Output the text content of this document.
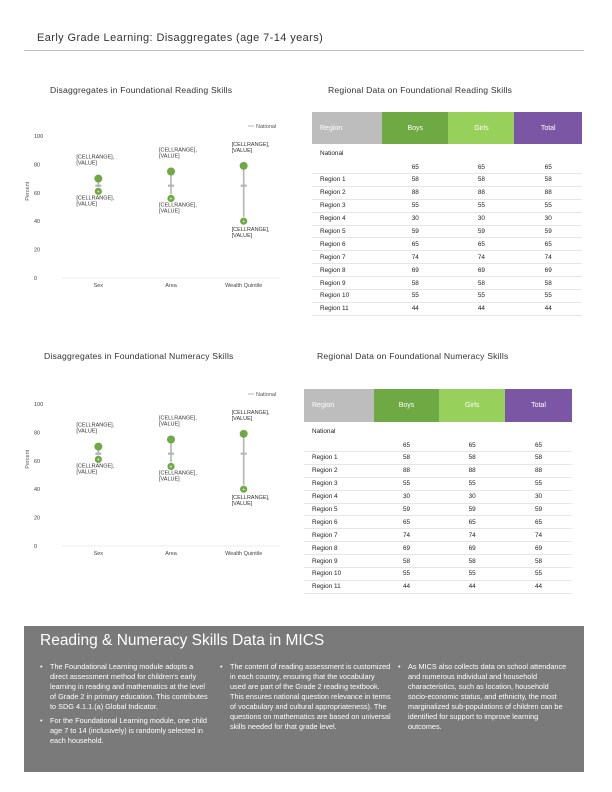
Early Grade Learning: Disaggregates (age 7-14 years)
Disaggregates in Foundational Reading Skills	Regional Data on Foundational Reading Skills
National
Percent
0
20
40
60
80
100
+
[CELLRANGE],
[VALUE]
[CELLRANGE],
[VALUE]
Sex
+
[CELLRANGE],
[VALUE]
[CELLRANGE],
[VALUE]
Area
+
[CELLRANGE],
[VALUE]
[CELLRANGE],
[VALUE]
Wealth Quintile
Region	Boys	Girls	Total
National	65	65	65
Region 1	58	58	58
Region 2	88	88	88
Region 3	55	55	55
Region 4	30	30	30
Region 5	59	59	59
Region 6	65	65	65
Region 7	74	74	74
Region 8	69	69	69
Region 9	58	58	58
Region 10	55	55	55
Region 11	44	44	44
Disaggregates in Foundational Numeracy Skills	Regional Data on Foundational Numeracy Skills
National
Percent
0
20
40
60
80
100
+
[CELLRANGE],
[VALUE]
[CELLRANGE],
[VALUE]
Sex
+
[CELLRANGE],
[VALUE]
[CELLRANGE],
[VALUE]
Area
+
[CELLRANGE],
[VALUE]
[CELLRANGE],
[VALUE]
Wealth Quintile
Region	Boys	Girls	Total
National	65	65	65
Region 1	58	58	58
Region 2	88	88	88
Region 3	55	55	55
Region 4	30	30	30
Region 5	59	59	59
Region 6	65	65	65
Region 7	74	74	74
Region 8	69	69	69
Region 9	58	58	58
Region 10	55	55	55
Region 11	44	44	44
Reading & Numeracy Skills Data in MICS
• The Foundational Learning module adopts a direct assessment method for children's early learning in reading and mathematics at the level of Grade 2 in primary education. This contributes to SDG 4.1.1.(a) Global Indicator.
• For the Foundational Learning module, one child age 7 to 14 (inclusively) is randomly selected in each household.
• The content of reading assessment is customized in each country, ensuring that the vocabulary used are part of the Grade 2 reading textbook. This ensures national question relevance in terms of vocabulary and cultural appropriateness). The questions on mathematics are based on universal skills needed for that grade level.
• As MICS also collects data on school attendance and numerous individual and household characteristics, such as location, household socio-economic status, and ethnicity, the most marginalized sub-populations of children can be identified for support to improve learning outcomes.
